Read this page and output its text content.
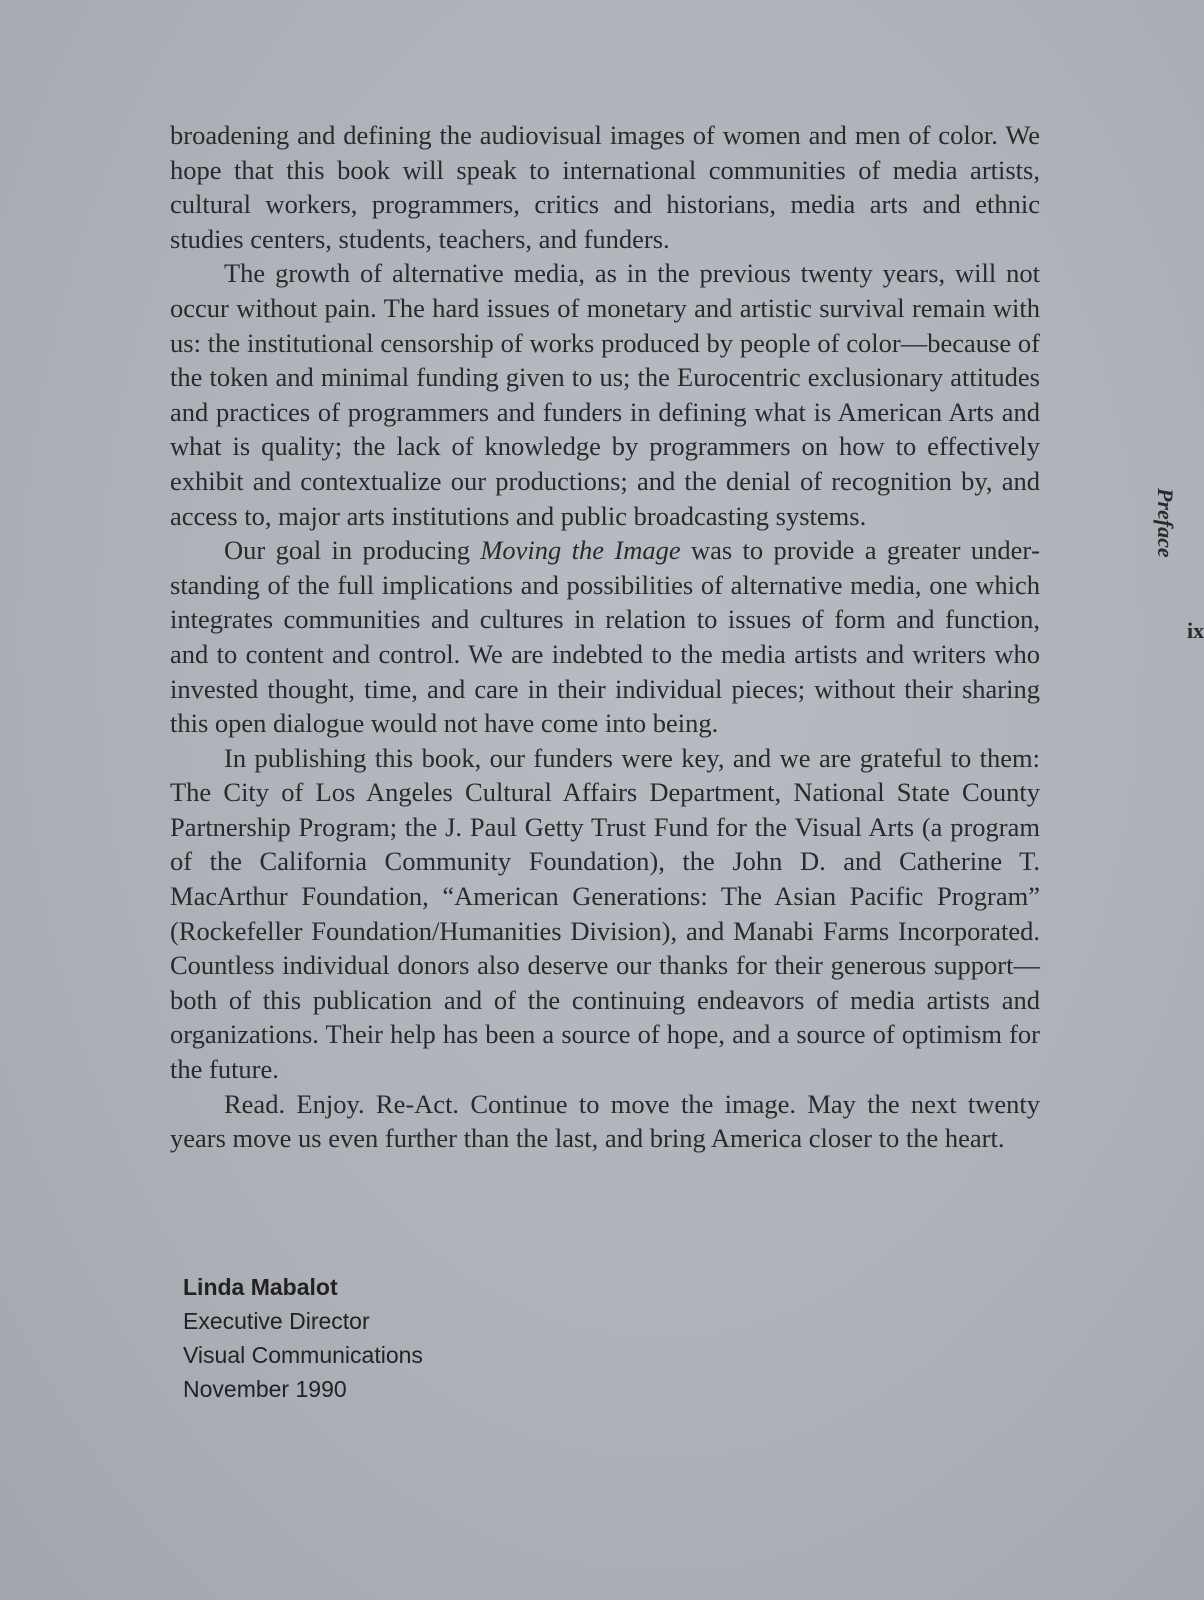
broadening and defining the audiovisual images of women and men of color. We hope that this book will speak to international communities of media artists, cultural workers, programmers, critics and historians, media arts and ethnic studies centers, students, teachers, and funders.

The growth of alternative media, as in the previous twenty years, will not occur without pain. The hard issues of monetary and artistic survival remain with us: the institutional censorship of works produced by people of color—because of the token and minimal funding given to us; the Eurocentric exclusionary attitudes and practices of programmers and funders in defining what is American Arts and what is quality; the lack of knowledge by programmers on how to effectively exhibit and contextualize our productions; and the denial of recognition by, and access to, major arts institutions and public broadcasting systems.

Our goal in producing Moving the Image was to provide a greater understanding of the full implications and possibilities of alternative media, one which integrates communities and cultures in relation to issues of form and function, and to content and control. We are indebted to the media artists and writers who invested thought, time, and care in their individual pieces; without their sharing this open dialogue would not have come into being.

In publishing this book, our funders were key, and we are grateful to them: The City of Los Angeles Cultural Affairs Department, National State County Partnership Program; the J. Paul Getty Trust Fund for the Visual Arts (a program of the California Community Foundation), the John D. and Catherine T. MacArthur Foundation, “American Generations: The Asian Pacific Program” (Rockefeller Foundation/Humanities Division), and Manabi Farms Incorporated. Countless individual donors also deserve our thanks for their generous support—both of this publication and of the continuing endeavors of media artists and organizations. Their help has been a source of hope, and a source of optimism for the future.

Read. Enjoy. Re-Act. Continue to move the image. May the next twenty years move us even further than the last, and bring America closer to the heart.

Linda Mabalot
Executive Director
Visual Communications
November 1990
Preface
ix
